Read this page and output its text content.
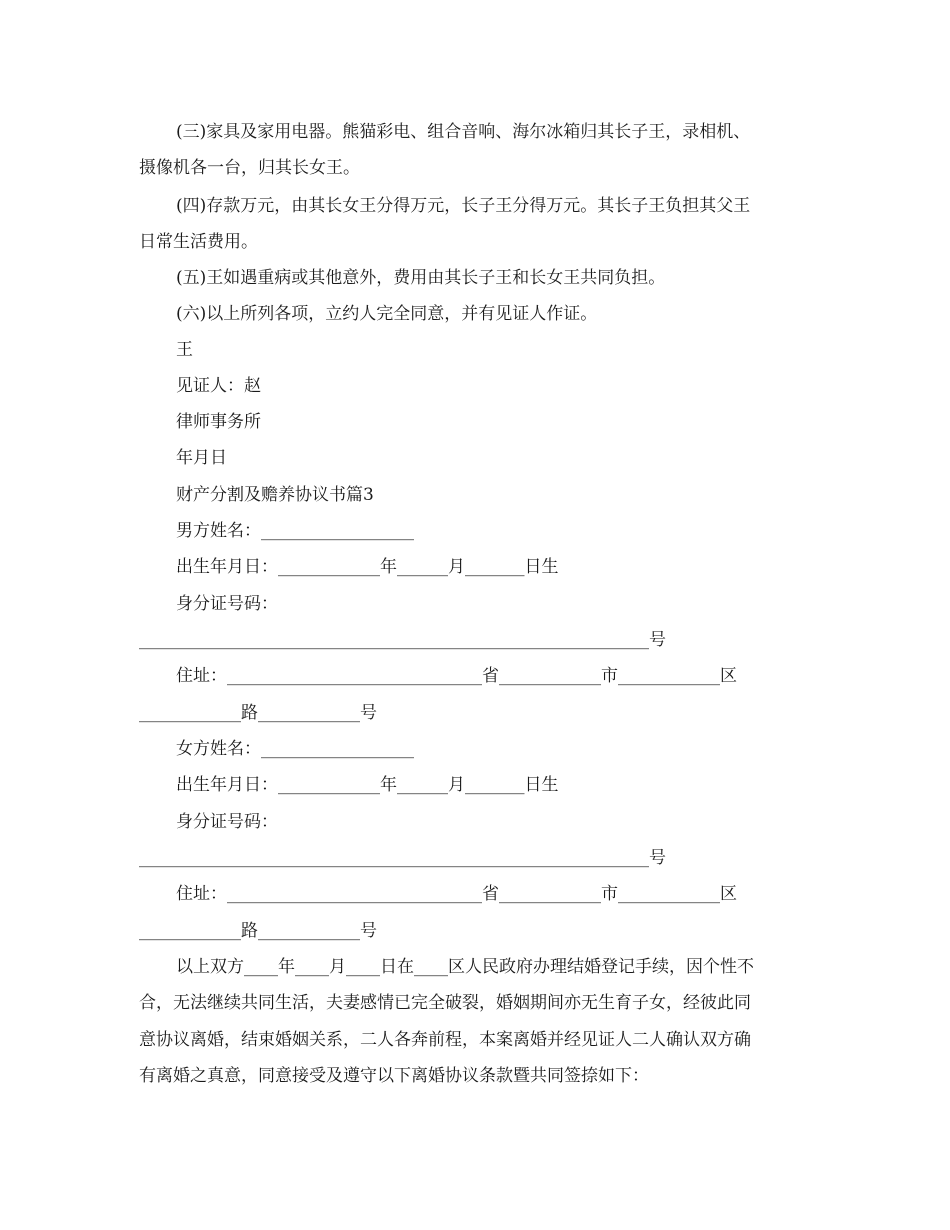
(三)家具及家用电器。熊猫彩电、组合音响、海尔冰箱归其长子王，录相机、
摄像机各一台，归其长女王。
(四)存款万元，由其长女王分得万元，长子王分得万元。其长子王负担其父王
日常生活费用。
(五)王如遇重病或其他意外，费用由其长子王和长女王共同负担。
(六)以上所列各项，立约人完全同意，并有见证人作证。
王
见证人：赵
律师事务所
年月日
财产分割及赡养协议书篇3
男方姓名：__________________
出生年月日：____________年______月_______日生
身分证号码：
____________________________________________________________号
住址：______________________________省____________市____________区
____________路____________号
女方姓名：__________________
出生年月日：____________年______月_______日生
身分证号码：
____________________________________________________________号
住址：______________________________省____________市____________区
____________路____________号
以上双方____年____月____日在____区人民政府办理结婚登记手续，因个性不
合，无法继续共同生活，夫妻感情已完全破裂，婚姻期间亦无生育子女，经彼此同
意协议离婚，结束婚姻关系，二人各奔前程，本案离婚并经见证人二人确认双方确
有离婚之真意，同意接受及遵守以下离婚协议条款暨共同签捺如下：
